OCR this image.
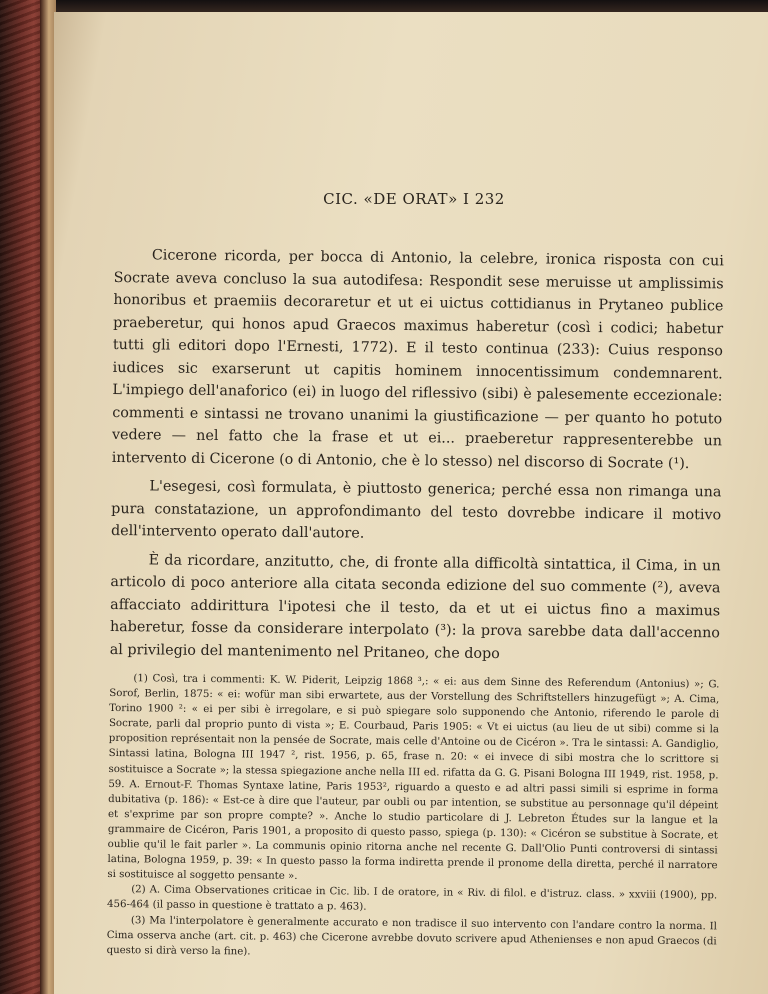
CIC. «DE ORAT» I 232

Cicerone ricorda, per bocca di Antonio, la celebre, ironica risposta con cui Socrate aveva concluso la sua autodifesa: Respondit sese meruisse ut amplissimis honoribus et praemiis decoraretur et ut ei uictus cottidianus in Prytaneo publice praeberetur, qui honos apud Graecos maximus haberetur (così i codici; habetur tutti gli editori dopo l'Ernesti, 1772). E il testo continua (233): Cuius responso iudices sic exarserunt ut capitis hominem innocentissimum condemnarent. L'impiego dell'anaforico (ei) in luogo del riflessivo (sibi) è palesemente eccezionale: commenti e sintassi ne trovano unanimi la giustificazione — per quanto ho potuto vedere — nel fatto che la frase et ut ei... praeberetur rappresenterebbe un intervento di Cicerone (o di Antonio, che è lo stesso) nel discorso di Socrate (¹).

L'esegesi, così formulata, è piuttosto generica; perché essa non rimanga una pura constatazione, un approfondimanto del testo dovrebbe indicare il motivo dell'intervento operato dall'autore.

È da ricordare, anzitutto, che, di fronte alla difficoltà sintattica, il Cima, in un articolo di poco anteriore alla citata seconda edizione del suo commente (²), aveva affacciato addirittura l'ipotesi che il testo, da et ut ei uictus fino a maximus haberetur, fosse da considerare interpolato (³): la prova sarebbe data dall'accenno al privilegio del mantenimento nel Pritaneo, che dopo

(1) Così, tra i commenti: K. W. Piderit, Leipzig 1868 ³,: « ei: aus dem Sinne des Referendum (Antonius) »; G. Sorof, Berlin, 1875: « ei: wofür man sibi erwartete, aus der Vorstellung des Schriftstellers hinzugefügt »; A. Cima, Torino 1900 ²: « ei per sibi è irregolare, e si può spiegare solo supponendo che Antonio, riferendo le parole di Socrate, parli dal proprio punto di vista »; E. Courbaud, Paris 1905: « Vt ei uictus (au lieu de ut sibi) comme si la proposition représentait non la pensée de Socrate, mais celle d'Antoine ou de Cicéron ». Tra le sintassi: A. Gandiglio, Sintassi latina, Bologna III 1947 ², rist. 1956, p. 65, frase n. 20: « ei invece di sibi mostra che lo scrittore si sostituisce a Socrate »; la stessa spiegazione anche nella III ed. rifatta da G. G. Pisani Bologna III 1949, rist. 1958, p. 59. A. Ernout-F. Thomas Syntaxe latine, Paris 1953², riguardo a questo e ad altri passi simili si esprime in forma dubitativa (p. 186): « Est-ce à dire que l'auteur, par oubli ou par intention, se substitue au personnage qu'il dépeint et s'exprime par son propre compte? ». Anche lo studio particolare di J. Lebreton Études sur la langue et la grammaire de Cicéron, Paris 1901, a proposito di questo passo, spiega (p. 130): « Cicéron se substitue à Socrate, et oublie qu'il le fait parler ». La communis opinio ritorna anche nel recente G. Dall'Olio Punti controversi di sintassi latina, Bologna 1959, p. 39: « In questo passo la forma indiretta prende il pronome della diretta, perché il narratore si sostituisce al soggetto pensante ».

(2) A. Cima Observationes criticae in Cic. lib. I de oratore, in « Riv. di filol. e d'istruz. class. » xxviii (1900), pp. 456-464 (il passo in questione è trattato a p. 463).

(3) Ma l'interpolatore è generalmente accurato e non tradisce il suo intervento con l'andare contro la norma. Il Cima osserva anche (art. cit. p. 463) che Cicerone avrebbe dovuto scrivere apud Athenienses e non apud Graecos (di questo si dirà verso la fine).
